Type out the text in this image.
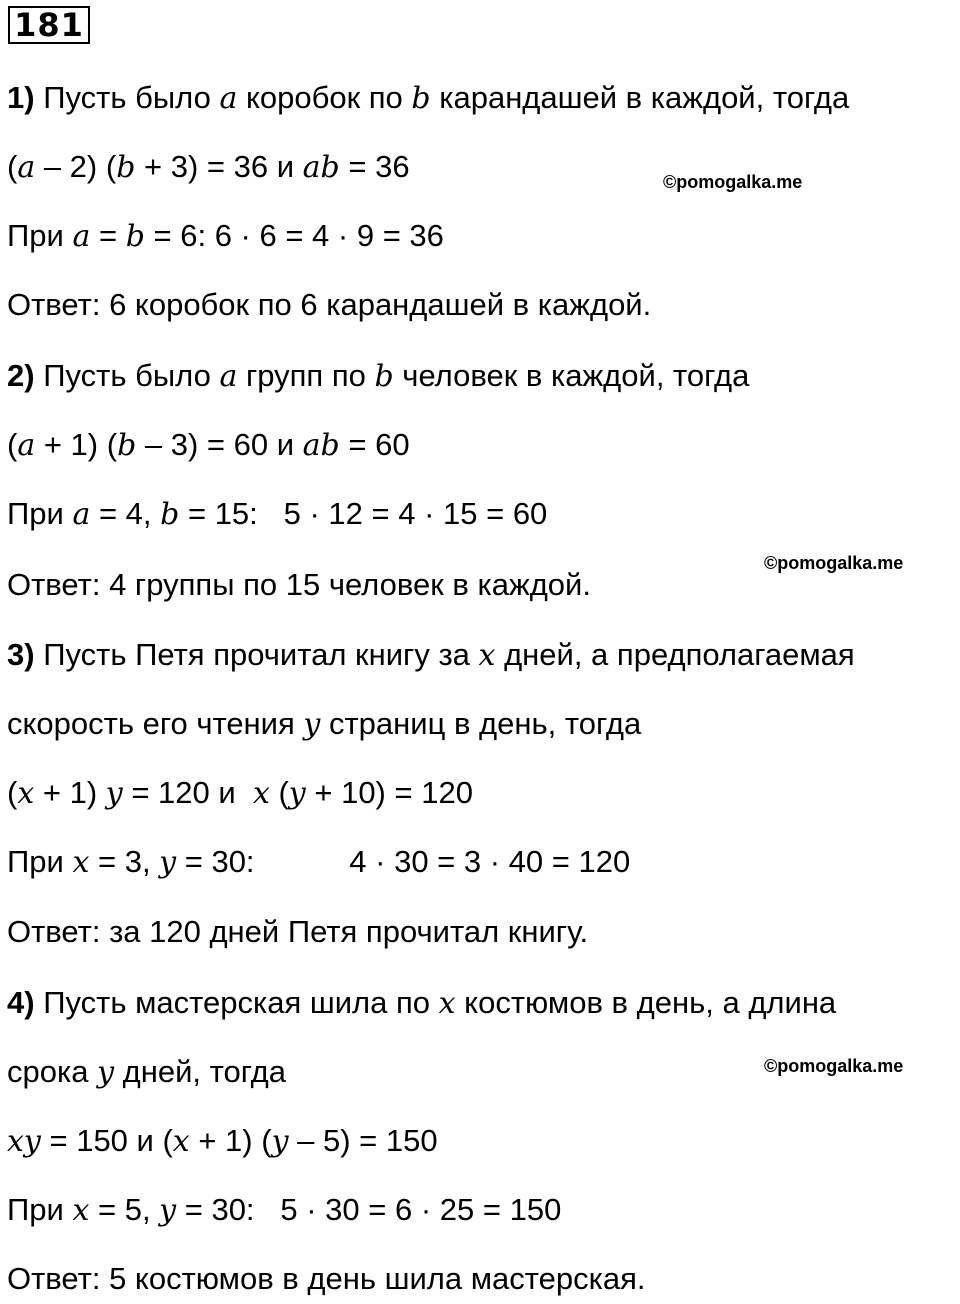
181
1) Пусть было a коробок по b карандашей в каждой, тогда
(a – 2) (b + 3) = 36 и ab = 36
При a = b = 6: 6 · 6 = 4 · 9 = 36
Ответ: 6 коробок по 6 карандашей в каждой.
2) Пусть было a групп по b человек в каждой, тогда
(a + 1) (b – 3) = 60 и ab = 60
При a = 4, b = 15:   5 · 12 = 4 · 15 = 60
Ответ: 4 группы по 15 человек в каждой.
3) Пусть Петя прочитал книгу за x дней, а предполагаемая
скорость его чтения y страниц в день, тогда
(x + 1) y = 120 и  x (y + 10) = 120
При x = 3, y = 30:           4 · 30 = 3 · 40 = 120
Ответ: за 120 дней Петя прочитал книгу.
4) Пусть мастерская шила по x костюмов в день, а длина
срока y дней, тогда
xy = 150 и (x + 1) (y – 5) = 150
При x = 5, y = 30:   5 · 30 = 6 · 25 = 150
Ответ: 5 костюмов в день шила мастерская.
©pomogalka.me
©pomogalka.me
©pomogalka.me
